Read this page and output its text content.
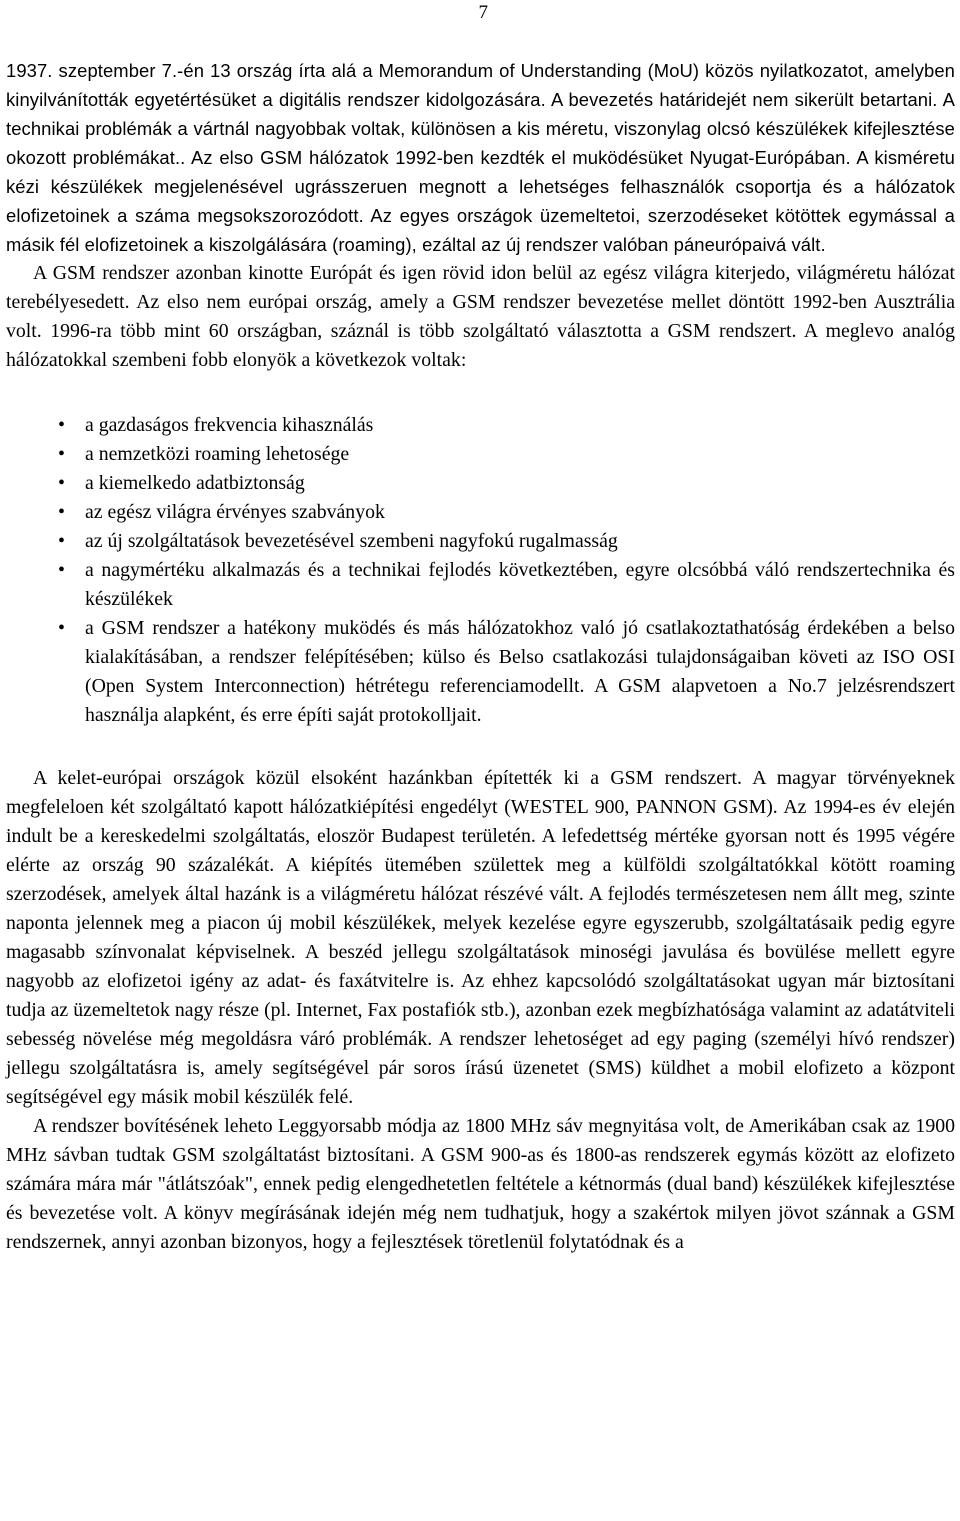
7

1937. szeptember 7.-én 13 ország írta alá a Memorandum of Understanding (MoU) közös nyilatkozatot, amelyben kinyilvánították egyetértésüket a digitális rendszer kidolgozására. A bevezetés határidejét nem sikerült betartani. A technikai problémák a vártnál nagyobbak voltak, különösen a kis méretu, viszonylag olcsó készülékek kifejlesztése okozott problémákat.. Az elso GSM hálózatok 1992-ben kezdték el muködésüket Nyugat-Európában. A kisméretu kézi készülékek megjelenésével ugrásszeruen megnott a lehetséges felhasználók csoportja és a hálózatok elofizetoinek a száma megsokszorozódott. Az egyes országok üzemeltetoi, szerzodéseket kötöttek egymással a másik fél elofizetoinek a kiszolgálására (roaming), ezáltal az új rendszer valóban páneurópaivá vált.

A GSM rendszer azonban kinotte Európát és igen rövid idon belül az egész világra kiterjedo, világméretu hálózat terebélyesedett. Az elso nem európai ország, amely a GSM rendszer bevezetése mellet döntött 1992-ben Ausztrália volt. 1996-ra több mint 60 országban, száznál is több szolgáltató választotta a GSM rendszert. A meglevo analóg hálózatokkal szembeni fobb elonyök a következok voltak:

• a gazdaságos frekvencia kihasználás
• a nemzetközi roaming lehetosége
• a kiemelkedo adatbiztonság
• az egész világra érvényes szabványok
• az új szolgáltatások bevezetésével szembeni nagyfokú rugalmasság
• a nagymértéku alkalmazás és a technikai fejlodés következtében, egyre olcsóbbá váló rendszertechnika és készülékek
• a GSM rendszer a hatékony muködés és más hálózatokhoz való jó csatlakoztathatóság érdekében a belso kialakításában, a rendszer felépítésében; külso és Belso csatlakozási tulajdonságaiban követi az ISO OSI (Open System Interconnection) hétrétegu referenciamodellt. A GSM alapvetoen a No.7 jelzésrendszert használja alapként, és erre építi saját protokolljait.

A kelet-európai országok közül elsoként hazánkban építették ki a GSM rendszert. A magyar törvényeknek megfeleloen két szolgáltató kapott hálózatkiépítési engedélyt (WESTEL 900, PANNON GSM). Az 1994-es év elején indult be a kereskedelmi szolgáltatás, eloször Budapest területén. A lefedettség mértéke gyorsan nott és 1995 végére elérte az ország 90 százalékát. A kiépítés ütemében születtek meg a külföldi szolgáltatókkal kötött roaming szerzodések, amelyek által hazánk is a világméretu hálózat részévé vált. A fejlodés természetesen nem állt meg, szinte naponta jelennek meg a piacon új mobil készülékek, melyek kezelése egyre egyszerubb, szolgáltatásaik pedig egyre magasabb színvonalat képviselnek. A beszéd jellegu szolgáltatások minoségi javulása és bovülése mellett egyre nagyobb az elofizetoi igény az adat- és faxátvitelre is. Az ehhez kapcsolódó szolgáltatásokat ugyan már biztosítani tudja az üzemeltetok nagy része (pl. Internet, Fax postafiók stb.), azonban ezek megbízhatósága valamint az adatátviteli sebesség növelése még megoldásra váró problémák. A rendszer lehetoséget ad egy paging (személyi hívó rendszer) jellegu szolgáltatásra is, amely segítségével pár soros írású üzenetet (SMS) küldhet a mobil elofizeto a központ segítségével egy másik mobil készülék felé.

A rendszer bovítésének leheto Leggyorsabb módja az 1800 MHz sáv megnyitása volt, de Amerikában csak az 1900 MHz sávban tudtak GSM szolgáltatást biztosítani. A GSM 900-as és 1800-as rendszerek egymás között az elofizeto számára mára már "átlátszóak", ennek pedig elengedhetetlen feltétele a kétnormás (dual band) készülékek kifejlesztése és bevezetése volt. A könyv megírásának idején még nem tudhatjuk, hogy a szakértok milyen jövot szánnak a GSM rendszernek, annyi azonban bizonyos, hogy a fejlesztések töretlenül folytatódnak és a
